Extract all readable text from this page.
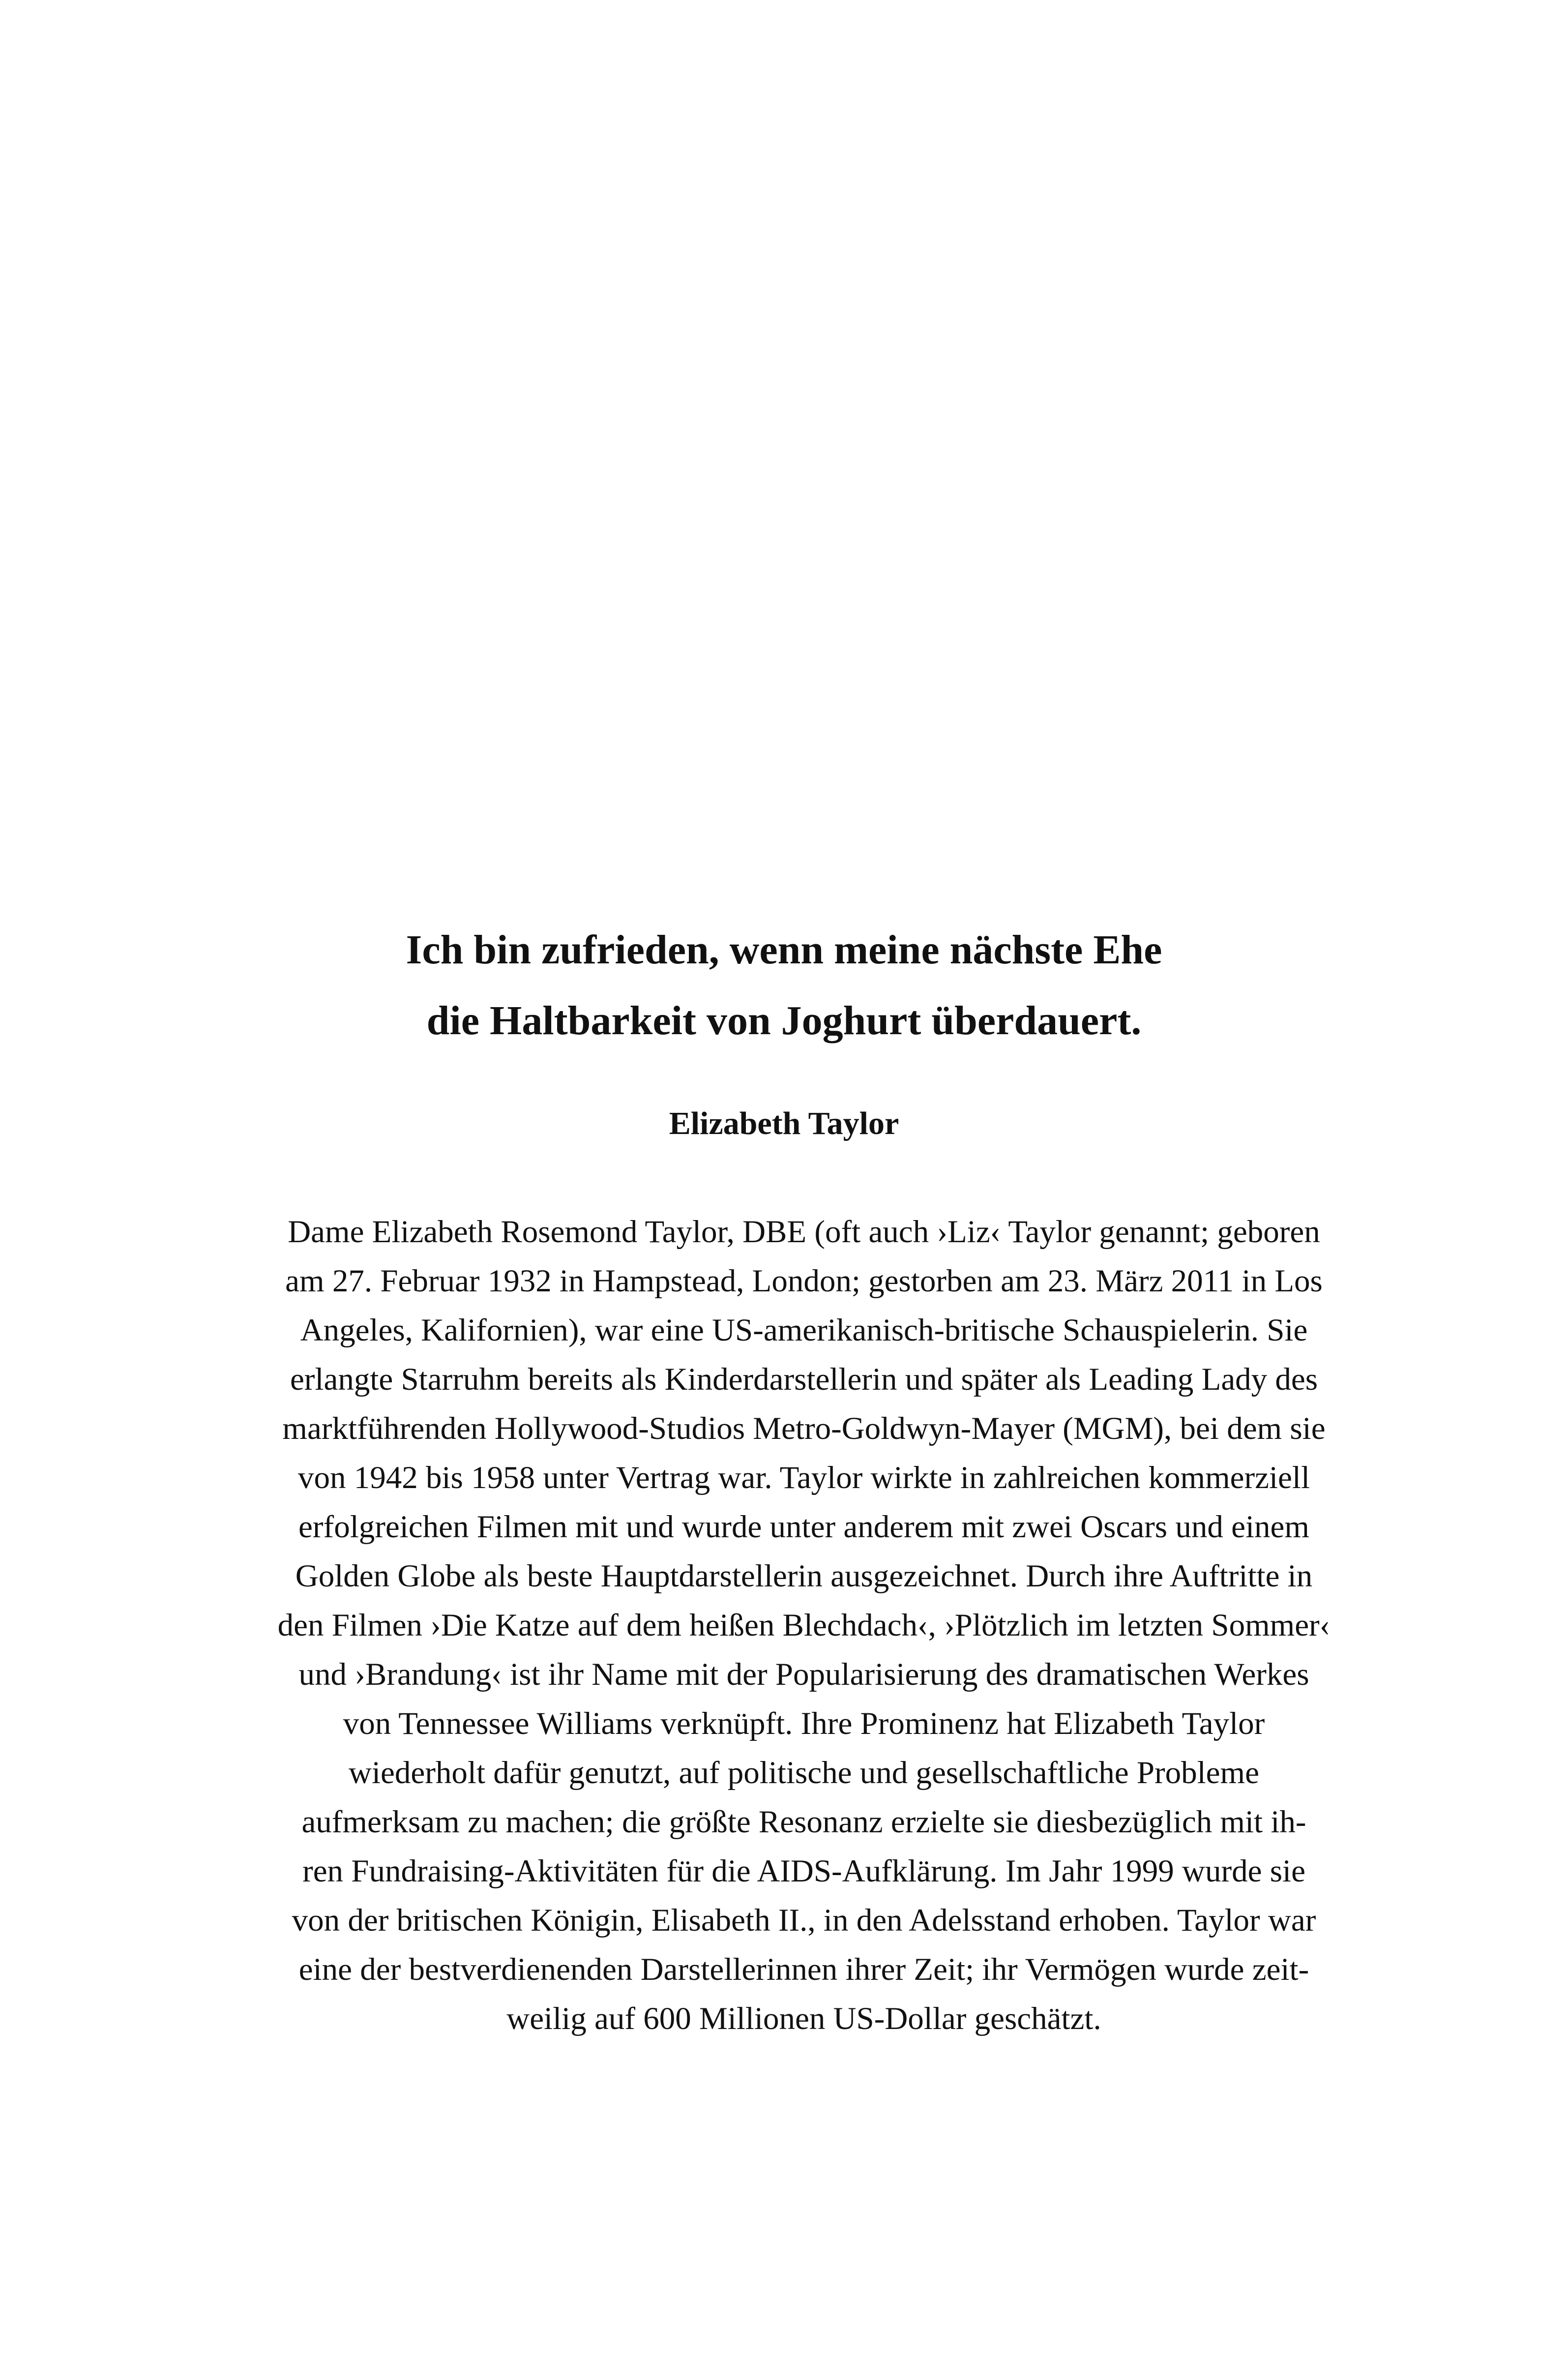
Ich bin zufrieden, wenn meine nächste Ehe
die Haltbarkeit von Joghurt überdauert.
Elizabeth Taylor

Dame Elizabeth Rosemond Taylor, DBE (oft auch ›Liz‹ Taylor genannt; geboren
am 27. Februar 1932 in Hampstead, London; gestorben am 23. März 2011 in Los
Angeles, Kalifornien), war eine US-amerikanisch-britische Schauspielerin. Sie
erlangte Starruhm bereits als Kinderdarstellerin und später als Leading Lady des
marktführenden Hollywood-Studios Metro-Goldwyn-Mayer (MGM), bei dem sie
von 1942 bis 1958 unter Vertrag war. Taylor wirkte in zahlreichen kommerziell
erfolgreichen Filmen mit und wurde unter anderem mit zwei Oscars und einem
Golden Globe als beste Hauptdarstellerin ausgezeichnet. Durch ihre Auftritte in
den Filmen ›Die Katze auf dem heißen Blechdach‹, ›Plötzlich im letzten Sommer‹
und ›Brandung‹ ist ihr Name mit der Popularisierung des dramatischen Werkes
von Tennessee Williams verknüpft. Ihre Prominenz hat Elizabeth Taylor
wiederholt dafür genutzt, auf politische und gesellschaftliche Probleme
aufmerksam zu machen; die größte Resonanz erzielte sie diesbezüglich mit ih-
ren Fundraising-Aktivitäten für die AIDS-Aufklärung. Im Jahr 1999 wurde sie
von der britischen Königin, Elisabeth II., in den Adelsstand erhoben. Taylor war
eine der bestverdienenden Darstellerinnen ihrer Zeit; ihr Vermögen wurde zeit-
weilig auf 600 Millionen US-Dollar geschätzt.
